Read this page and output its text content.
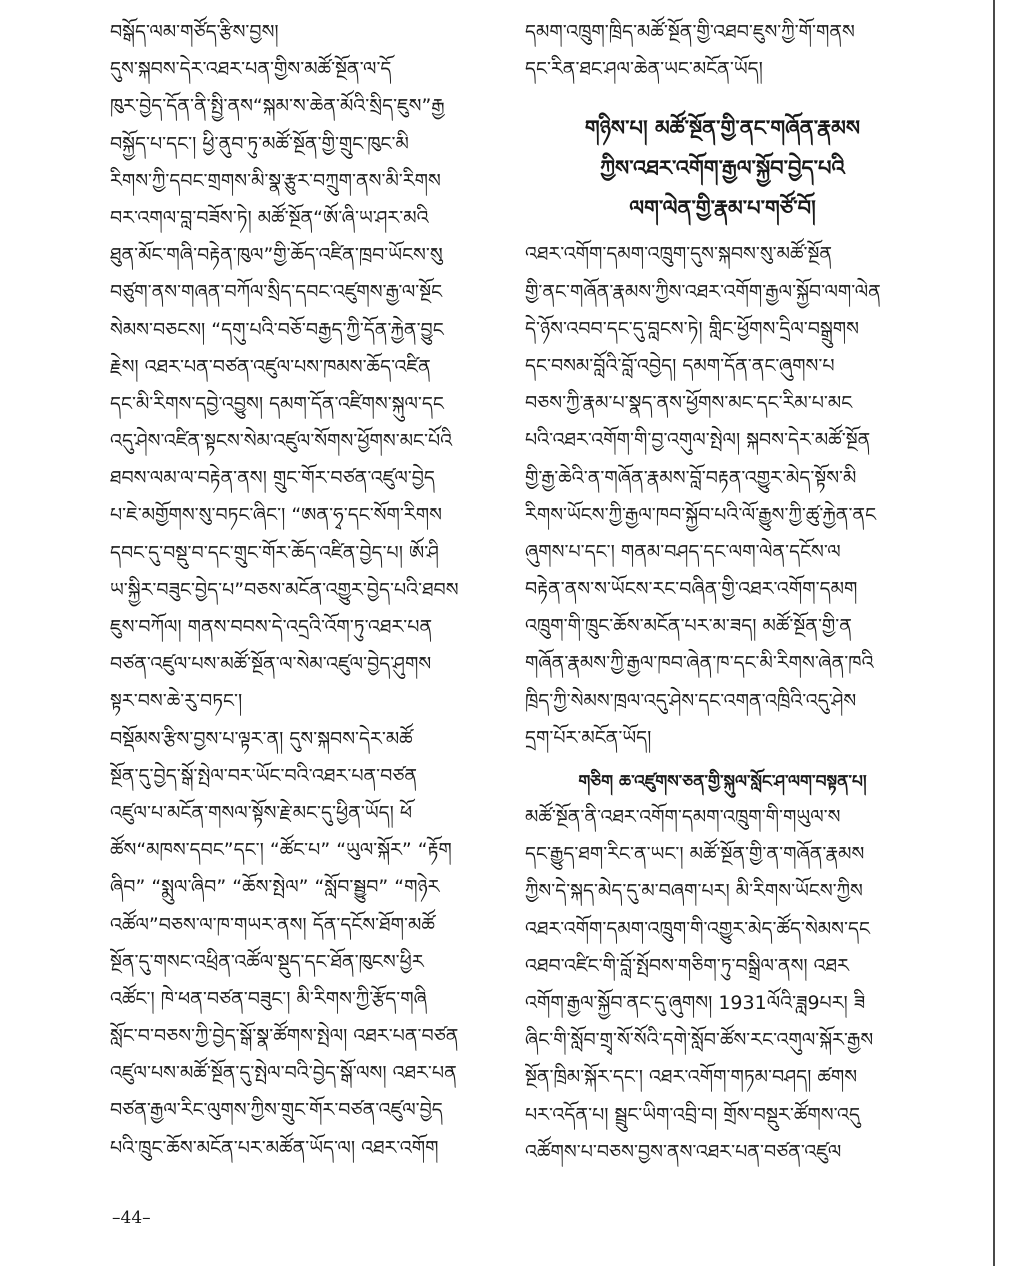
བསྒོད་ལམ་གཙོད་རྩིས་བྱས།
དུས་སྐབས་དེར་འཐར་པན་གྱིས་མཚོ་སྔོན་ལ་དོ
ཁུར་བྱེད་དོན་ནི་སྤྱི་ནས“སྐམ་ས་ཆེན་མོའི་སྲིད་ཇུས”རྒྱ
བསྐྱོད་པ་དང་། ཕྱི་ནུབ་ཏུ་མཚོ་སྔོན་གྱི་གྲུང་ཁུང་མི
རིགས་ཀྱི་དབང་གྲགས་མི་སྣ་རྩུར་བཀྲུག་ནས་མི་རིགས
བར་འགལ་བླ་བཟོས་ཏེ། མཚོ་སྔོན“ཨོ་ཞི་ཡ་ཤར་མའི
ཐུན་མོང་གཞི་བརྟེན་ཁུལ”གྱི་ཆོད་འཛིན་ཁྲབ་ཡོངས་སུ
བཙུག་ནས་གཞན་བཀོལ་སྲིད་དབང་འཛུགས་རྒྱ་ལ་སྔོང
སེམས་བཅངས། “དགུ་པའི་བཅོ་བརྒྱད་ཀྱི་དོན་རྐྱེན་བྱུང
རྗེས། འཐར་པན་བཙན་འཛུལ་པས་ཁམས་ཆོད་འཛིན
དང་མི་རིགས་དབྱེ་འབྱུས། དམག་དོན་འཛིགས་སྐུལ་དང
འདུ་ཤེས་འཛིན་སྟངས་སེམ་འཛུལ་སོགས་ཕྱོགས་མང་པོའི
ཐབས་ལམ་ལ་བརྟེན་ནས། གྲུང་གོར་བཙན་འཛུལ་བྱེད
པ་ཇེ་མགྱོགས་སུ་བཏང་ཞིང་། “ཨན་ཧྭ་དང་སོག་རིགས
དབང་དུ་བསྡུ་བ་དང་གྲུང་གོར་ཆོད་འཛིན་བྱེད་པ། ཨོ་ཤི
ཡ་སྐྱིར་བཟུང་བྱེད་པ”བཅས་མངོན་འགྱུར་བྱེད་པའི་ཐབས
ཇུས་བཀོལ། གནས་བབས་དེ་འདྲའི་འོག་ཏུ་འཐར་པན
བཙན་འཛུལ་པས་མཚོ་སྔོན་ལ་སེམ་འཛུལ་བྱེད་ཤུགས
སྟར་བས་ཆེ་རུ་བཏང་།
བསྡོམས་རྩིས་བྱས་པ་ལྟར་ན། དུས་སྐབས་དེར་མཚོ
སྔོན་དུ་བྱེད་སྒོ་སྤེལ་བར་ཡོང་བའི་འཐར་པན་བཙན
འཛུལ་པ་མངོན་གསལ་སྟོས་རྗེ་མང་དུ་ཕྱིན་ཡོད། ཕོ
ཚོས“མཁས་དབང”དང་། “ཚོང་པ” “ཡུལ་སྐོར” “རྟོག
ཞིབ” “སྨུལ་ཞིབ” “ཆོས་སྤེལ” “སློབ་སྦྱུབ” “གཉེར
འཚོལ”བཅས་ལ་ཁ་གཡར་ནས། དོན་དངོས་ཐོག་མཚོ
སྔོན་དུ་གསང་འཕྲིན་འཚོལ་སྡུད་དང་ཐོན་ཁུངས་ཕྱིར
འཚོང་། ཁེ་ཕན་བཙན་བཟུང་། མི་རིགས་ཀྱི་རྩོད་གཞི
སློང་བ་བཅས་ཀྱི་བྱེད་སྒོ་སྣ་ཚོགས་སྤེལ། འཐར་པན་བཙན
འཛུལ་པས་མཚོ་སྔོན་དུ་སྤེལ་བའི་བྱེད་སྒོ་ལས། འཐར་པན
བཙན་རྒྱལ་རིང་ལུགས་ཀྱིས་གྲུང་གོར་བཙན་འཛུལ་བྱེད
པའི་ཁྲུང་ཆོས་མངོན་པར་མཚོན་ཡོད་ལ། འཐར་འགོག
དམག་འཁྲུག་ཁྲིད་མཚོ་སྔོན་གྱི་འཐབ་ཇུས་ཀྱི་གོ་གནས
དང་རིན་ཐང་ཤལ་ཆེན་ཡང་མངོན་ཡོད།
གཉིས་པ། མཚོ་སྔོན་གྱི་ནང་གཞོན་རྣམས
ཀྱིས་འཐར་འགོག་རྒྱལ་སྐྱོབ་བྱེད་པའི
ལག་ལེན་གྱི་རྣམ་པ་གཙོ་བོ།
འཐར་འགོག་དམག་འཁྲུག་དུས་སྐབས་སུ་མཚོ་སྔོན
གྱི་ནང་གཞོན་རྣམས་ཀྱིས་འཐར་འགོག་རྒྱལ་སྐྱོབ་ལག་ལེན
དེ་ཉོས་འབབ་དང་དུ་བླངས་ཏེ། གླིང་ཕྱོགས་དྲིལ་བསྒྲུགས
དང་བསམ་བློའི་བློ་འབྱེད། དམག་དོན་ནང་ཞུགས་པ
བཅས་ཀྱི་རྣམ་པ་སྣད་ནས་ཕྱོགས་མང་དང་རིམ་པ་མང
པའི་འཐར་འགོག་གི་བྱ་འགུལ་སྤེལ། སྐབས་དེར་མཚོ་སྔོན
གྱི་རྒྱ་ཆེའི་ན་གཞོན་རྣམས་བློ་བརྟན་འགྱུར་མེད་སྟོས་མི
རིགས་ཡོངས་ཀྱི་རྒྱལ་ཁབ་སྐྱོབ་པའི་ལོ་རྒྱུས་ཀྱི་ཚུ་རྐྱེན་ནང
ཞུགས་པ་དང་། གནམ་བཤད་དང་ལག་ལེན་དངོས་ལ
བརྟེན་ནས་ས་ཡོངས་རང་བཞིན་གྱི་འཐར་འགོག་དམག
འཁྲུག་གི་ཁྲུང་ཆོས་མངོན་པར་མ་ཟད། མཚོ་སྔོན་གྱི་ན
གཞོན་རྣམས་ཀྱི་རྒྱལ་ཁབ་ཞེན་ཁ་དང་མི་རིགས་ཞེན་ཁའི
ཁྲིད་ཀྱི་སེམས་ཁྲལ་འདུ་ཤེས་དང་འགན་འཁྲིའི་འདུ་ཤེས
དྲག་པོར་མངོན་ཡོད།
གཅིག ཆ་འཛུགས་ཅན་གྱི་སྐུལ་སློང་ཤ་ལག་བསྟན་པ།
མཚོ་སྔོན་ནི་འཐར་འགོག་དམག་འཁྲུག་གི་གཡུལ་ས
དང་རྒྱུད་ཐག་རིང་ན་ཡང་། མཚོ་སྔོན་གྱི་ན་གཞོན་རྣམས
ཀྱིས་དེ་སྐད་མེད་དུ་མ་བཞག་པར། མི་རིགས་ཡོངས་ཀྱིས
འཐར་འགོག་དམག་འཁྲུག་གི་འགྱུར་མེད་ཚོད་སེམས་དང
འཐབ་འཛིང་གི་བློ་སྤོབས་གཅིག་ཏུ་བསྒྲིལ་ནས། འཐར
འགོག་རྒྱལ་སྐྱོབ་ནང་དུ་ཞུགས། 1931ལོའི་ཟླ9པར། ཟི
ཞིང་གི་སློབ་གྲྭ་སོ་སོའི་དགེ་སློབ་ཚོས་རང་འགུལ་སྐོར་རྒྱས
སྔོན་ཁྲིམ་སྐོར་དང་། འཐར་འགོག་གཏམ་བཤད། ཚགས
པར་འདོན་པ། སྦྲུང་ཡིག་འབྲི་བ། གྲོས་བསྡུར་ཚོགས་འདུ
འཚོགས་པ་བཅས་བྱས་ནས་འཐར་པན་བཙན་འཛུལ
–44–
